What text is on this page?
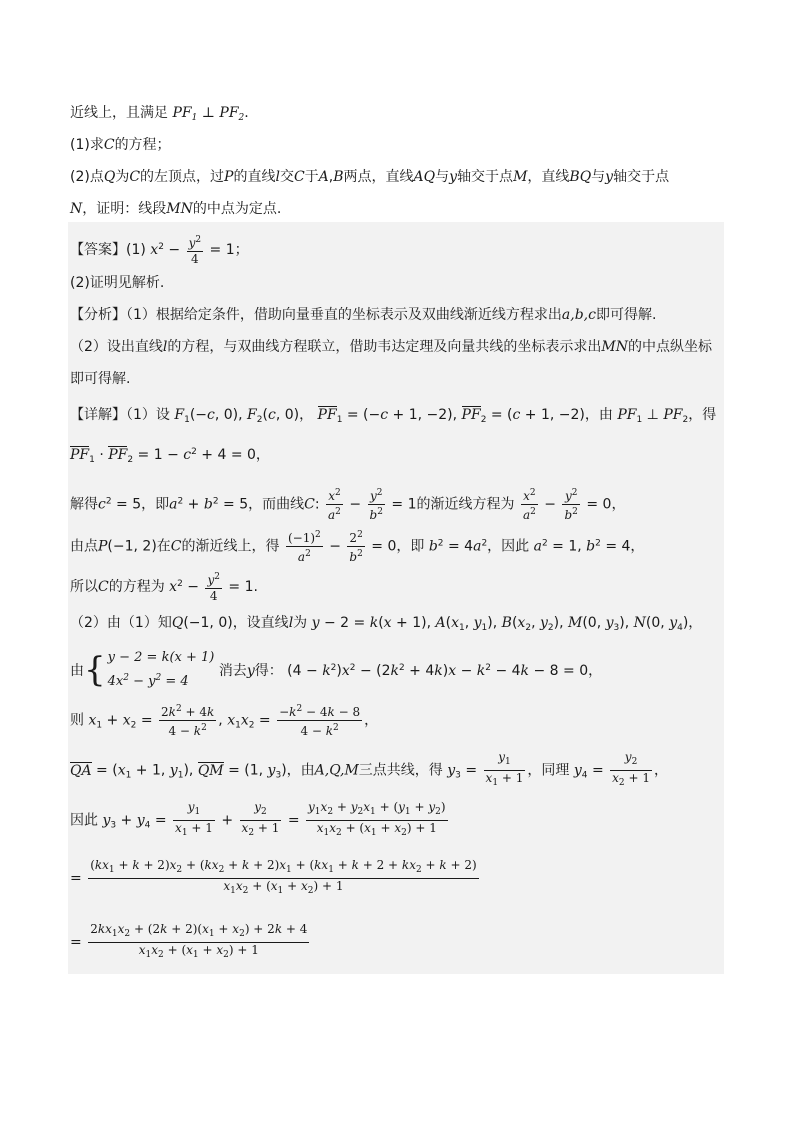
近线上，且满足 $PF_1$ ⊥ $PF_2$.
(1)求C的方程；
(2)点Q为C的左顶点，过P的直线l交C于A,B两点，直线AQ与y轴交于点M，直线BQ与y轴交于点
N，证明：线段MN的中点为定点.
【答案】(1) $x^2 - \frac{y^2}{4} = 1$；
(2)证明见解析.
【分析】（1）根据给定条件，借助向量垂直的坐标表示及双曲线渐近线方程求出a,b,c即可得解.
（2）设出直线l的方程，与双曲线方程联立，借助韦达定理及向量共线的坐标表示求出MN的中点纵坐标
即可得解.
【详解】（1）设 $F_1(-c$, 0), $F_2(c$, 0)， $PF_1 = (-c + 1$, −2), $PF_2 = (c + 1$, −2)，由 $PF_1$ ⊥ $PF_2$，得
$PF_1 \cdot PF_2 = 1 - c^2 + 4 = 0$，
解得$c^2 = 5$，即$a^2 + b^2 = 5$，而曲线C: $\frac{x^2}{a^2} - \frac{y^2}{b^2} = 1$的渐近线方程为 $\frac{x^2}{a^2} - \frac{y^2}{b^2} = 0$，
由点P(−1, 2)在C的渐近线上，得 $\frac{(-1)^2}{a^2} - \frac{2^2}{b^2} = 0$，即 $b^2 = 4a^2$，因此 $a^2 = 1$, $b^2 = 4$，
所以C的方程为 $x^2 - \frac{y^2}{4} = 1$.
（2）由（1）知Q(−1, 0)，设直线l为 y − 2 = k(x + 1), $A(x_1$, $y_1$), $B(x_2$, $y_2$), M(0, $y_3$), N(0, $y_4$)，
由{ y − 2 = k(x + 1)
$4x^2 - y^2 = 4$ 消去y得： $(4 - k^2)x^2 - (2k^2 + 4k)x - k^2 - 4k - 8 = 0$，
则 $x_1 + x_2 = \frac{2k^2 + 4k}{4 - k^2}$ , $x_1x_2 = \frac{-k^2 - 4k - 8}{4 - k^2}$ ，
QA = ($x_1 + 1$, $y_1$), QM = (1, $y_3$)，由A,Q,M三点共线，得 $y_3 = \frac{y_1}{x_1 + 1}$ ，同理 $y_4 = \frac{y_2}{x_2 + 1}$ ，
因此 $y_3 + y_4 = \frac{y_1}{x_1 + 1} + \frac{y_2}{x_2 + 1} = \frac{y_1x_2 + y_2x_1 + (y_1 + y_2)}{x_1x_2 + (x_1 + x_2) + 1}$
=
$(kx_1 + k + 2)x_2 + (kx_2 + k + 2)x_1 + (kx_1 + k + 2 + kx_2 + k + 2)$
$x_1x_2 + (x_1 + x_2) + 1$
= $\frac{2kx_1x_2 + (2k + 2)(x_1 + x_2) + 2k + 4}{x_1x_2 + (x_1 + x_2) + 1}$
